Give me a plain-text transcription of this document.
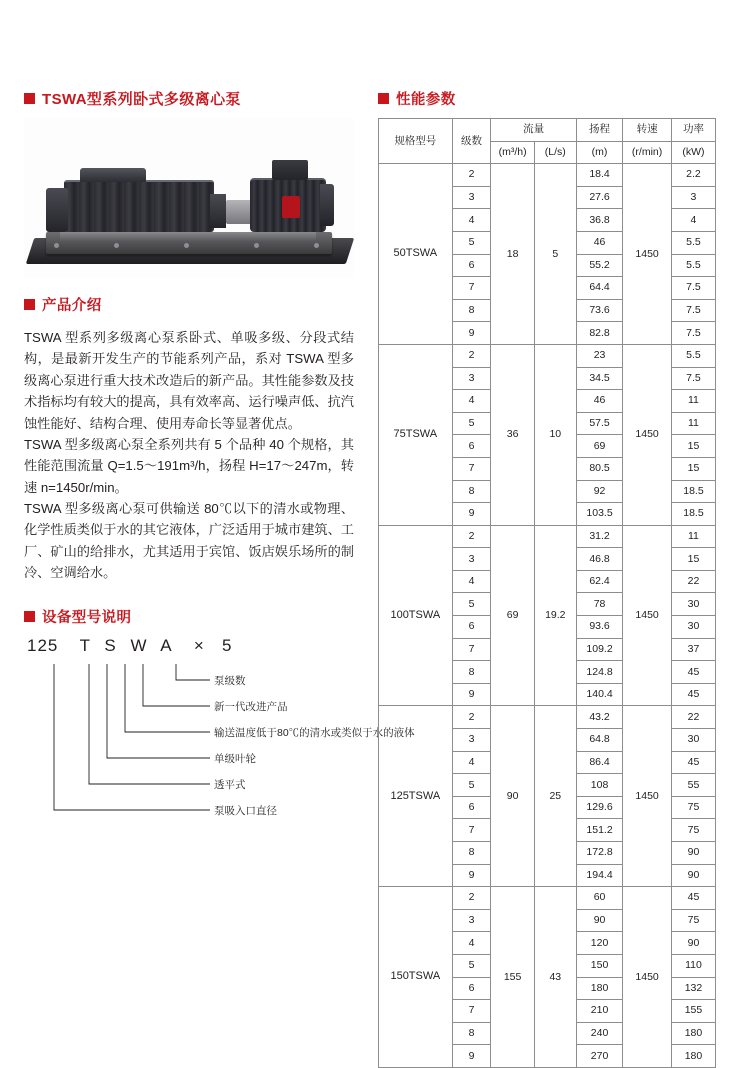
TSWA型系列卧式多级离心泵
产品介绍

TSWA 型系列多级离心泵系卧式、单吸多级、分段式结构，是最新开发生产的节能系列产品，系对 TSWA 型多级离心泵进行重大技术改造后的新产品。其性能参数及技术指标均有较大的提高，具有效率高、运行噪声低、抗汽蚀性能好、结构合理、使用寿命长等显著优点。

TSWA 型多级离心泵全系列共有 5 个品种 40 个规格，其性能范围流量 Q=1.5～191m³/h，扬程 H=17～247m，转速 n=1450r/min。

TSWA 型多级离心泵可供输送 80℃以下的清水或物理、化学性质类似于水的其它液体，广泛适用于城市建筑、工厂、矿山的给排水，尤其适用于宾馆、饭店娱乐场所的制冷、空调给水。

设备型号说明
125 T S W A × 5
泵级数
新一代改进产品
输送温度低于80℃的清水或类似于水的液体
单级叶轮
透平式
泵吸入口直径
性能参数
规格型号	级数	流量		扬程	转速	功率
		(m³/h)	(L/s)	(m)	(r/min)	(kW)
50TSWA	2	18	5	18.4	1450	2.2
	3			27.6		3
	4			36.8		4
	5			46		5.5
	6			55.2		5.5
	7			64.4		7.5
	8			73.6		7.5
	9			82.8		7.5
75TSWA	2	36	10	23	1450	5.5
	3			34.5		7.5
	4			46		11
	5			57.5		11
	6			69		15
	7			80.5		15
	8			92		18.5
	9			103.5		18.5
100TSWA	2	69	19.2	31.2	1450	11
	3			46.8		15
	4			62.4		22
	5			78		30
	6			93.6		30
	7			109.2		37
	8			124.8		45
	9			140.4		45
125TSWA	2	90	25	43.2	1450	22
	3			64.8		30
	4			86.4		45
	5			108		55
	6			129.6		75
	7			151.2		75
	8			172.8		90
	9			194.4		90
150TSWA	2	155	43	60	1450	45
	3			90		75
	4			120		90
	5			150		110
	6			180		132
	7			210		155
	8			240		180
	9			270		180
